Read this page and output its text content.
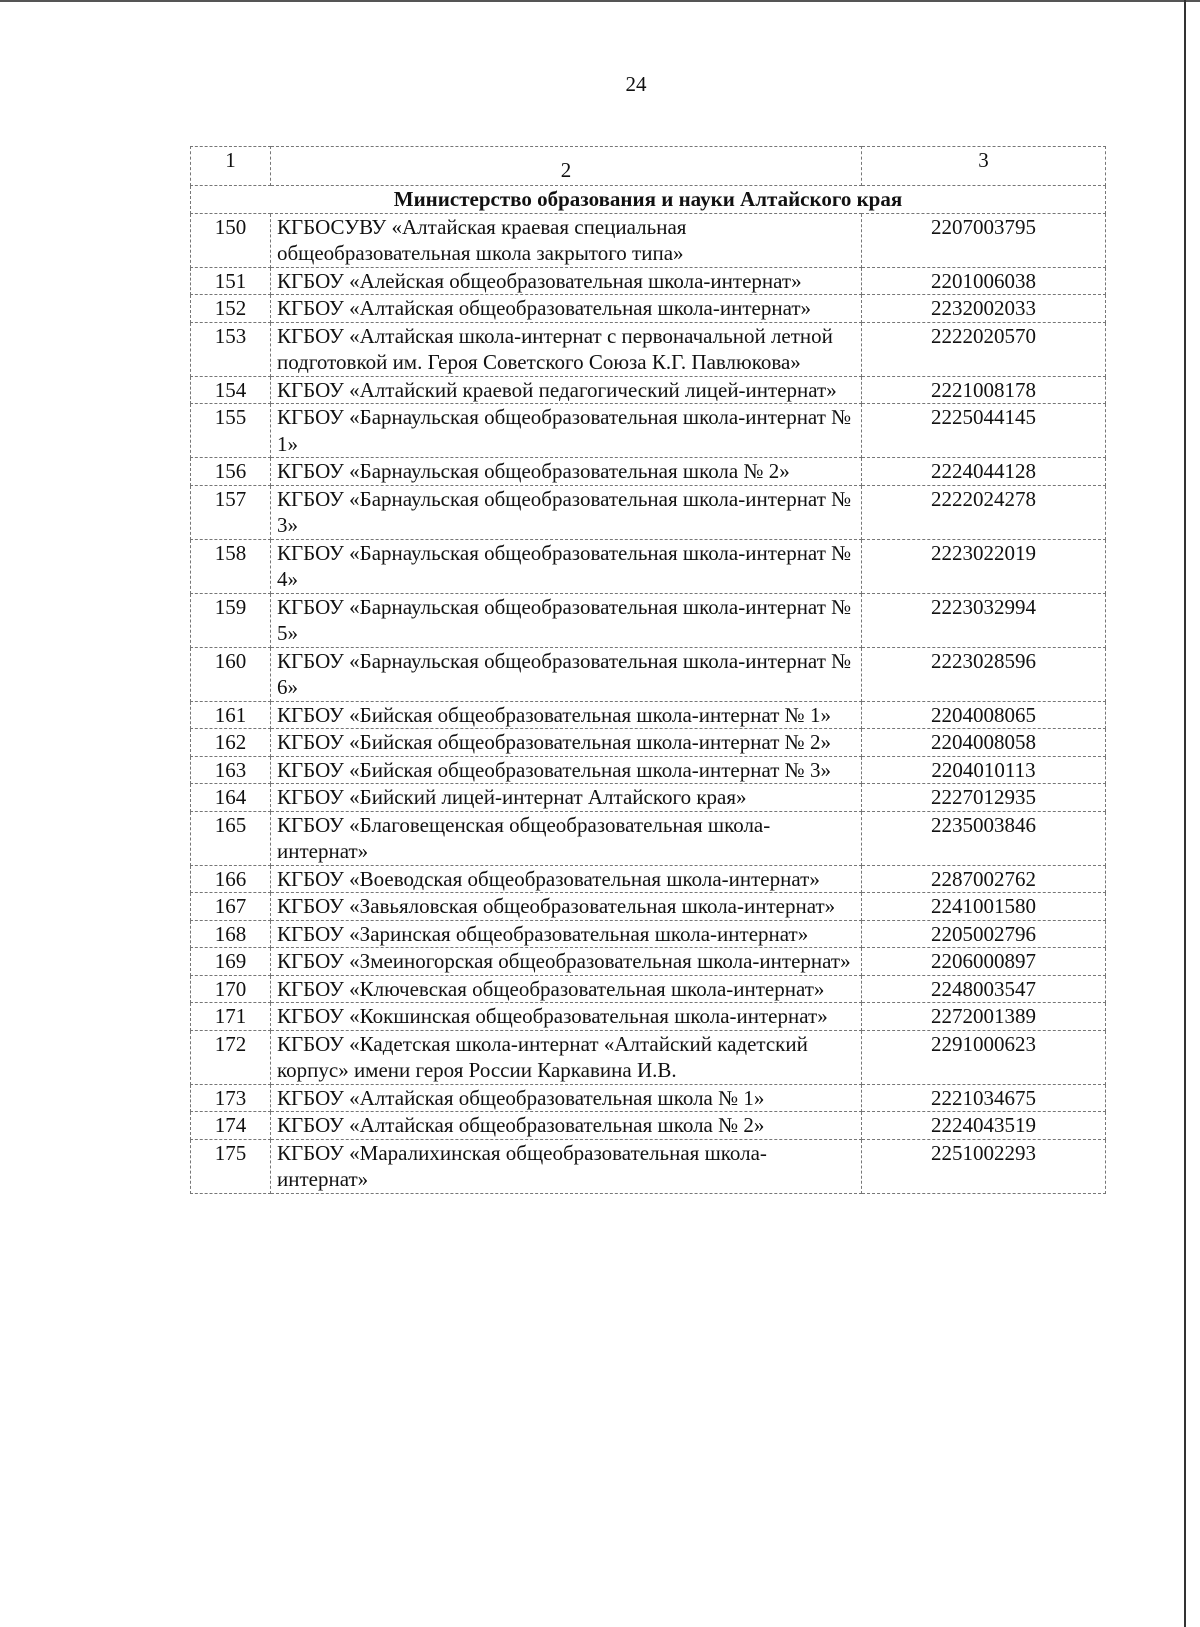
24
1	2	3
Министерство образования и науки Алтайского края		
150	КГБОСУВУ «Алтайская краевая специальная общеобразовательная школа закрытого типа»	2207003795
151	КГБОУ «Алейская общеобразовательная школа-интернат»	2201006038
152	КГБОУ «Алтайская общеобразовательная школа-интернат»	2232002033
153	КГБОУ «Алтайская школа-интернат с первоначальной летной подготовкой им. Героя Советского Союза К.Г. Павлюкова»	2222020570
154	КГБОУ «Алтайский краевой педагогический лицей-интернат»	2221008178
155	КГБОУ «Барнаульская общеобразовательная школа-интернат № 1»	2225044145
156	КГБОУ «Барнаульская общеобразовательная школа № 2»	2224044128
157	КГБОУ «Барнаульская общеобразовательная школа-интернат № 3»	2222024278
158	КГБОУ «Барнаульская общеобразовательная школа-интернат № 4»	2223022019
159	КГБОУ «Барнаульская общеобразовательная школа-интернат № 5»	2223032994
160	КГБОУ «Барнаульская общеобразовательная школа-интернат № 6»	2223028596
161	КГБОУ «Бийская общеобразовательная школа-интернат № 1»	2204008065
162	КГБОУ «Бийская общеобразовательная школа-интернат № 2»	2204008058
163	КГБОУ «Бийская общеобразовательная школа-интернат № 3»	2204010113
164	КГБОУ «Бийский лицей-интернат Алтайского края»	2227012935
165	КГБОУ «Благовещенская общеобразовательная школа-интернат»	2235003846
166	КГБОУ «Воеводская общеобразовательная школа-интернат»	2287002762
167	КГБОУ «Завьяловская общеобразовательная школа-интернат»	2241001580
168	КГБОУ «Заринская общеобразовательная школа-интернат»	2205002796
169	КГБОУ «Змеиногорская общеобразовательная школа-интернат»	2206000897
170	КГБОУ «Ключевская общеобразовательная школа-интернат»	2248003547
171	КГБОУ «Кокшинская общеобразовательная школа-интернат»	2272001389
172	КГБОУ «Кадетская школа-интернат «Алтайский кадетский корпус» имени героя России Каркавина И.В.	2291000623
173	КГБОУ «Алтайская общеобразовательная школа № 1»	2221034675
174	КГБОУ «Алтайская общеобразовательная школа № 2»	2224043519
175	КГБОУ «Маралихинская общеобразовательная школа-интернат»	2251002293
